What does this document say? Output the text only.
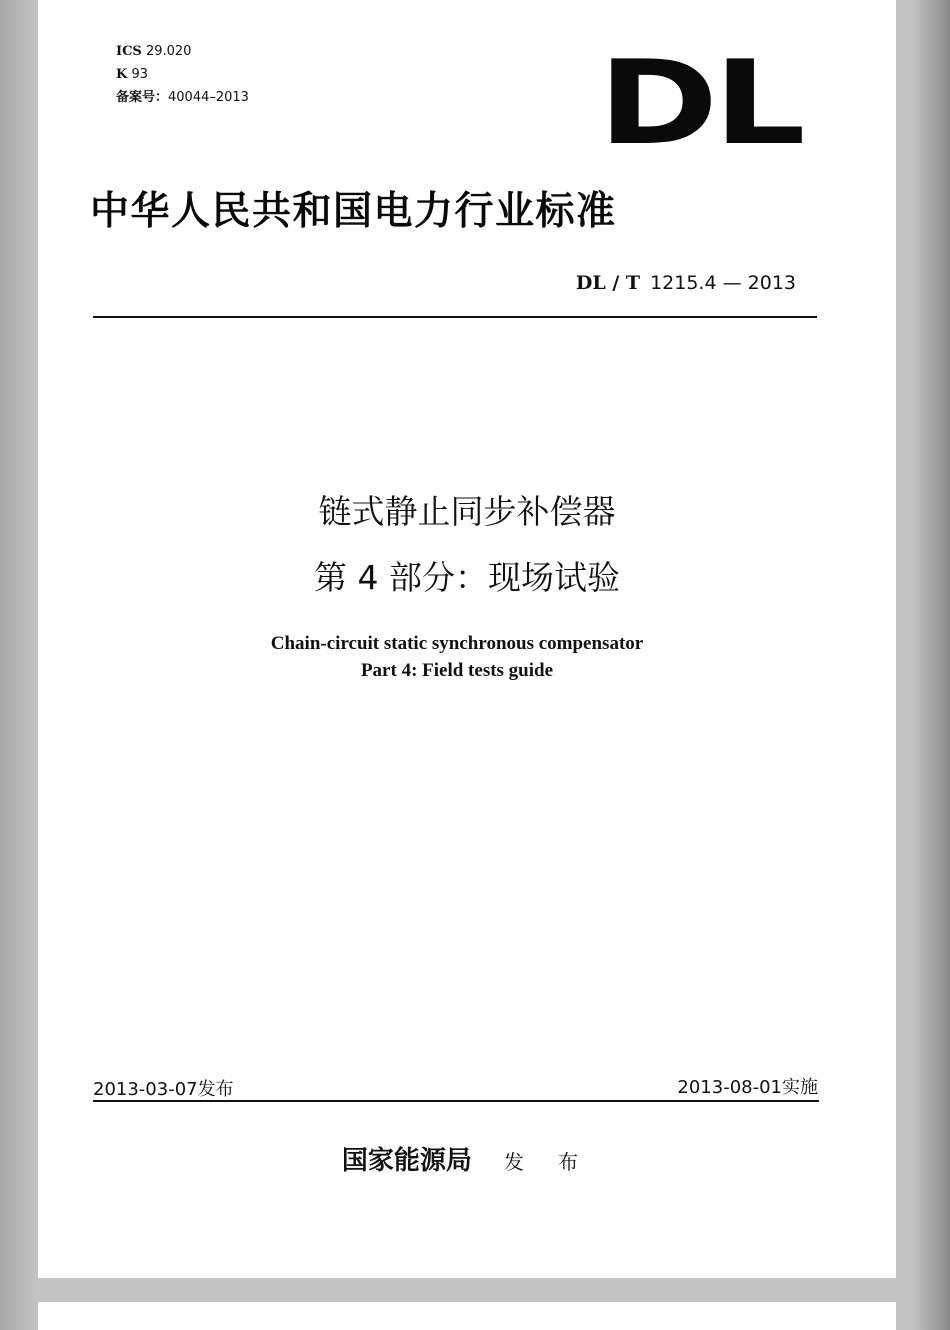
ICS 29.020
K 93
备案号：40044–2013	DL
中华人民共和国电力行业标准
DL / T 1215.4 — 2013
链式静止同步补偿器
第 4 部分：现场试验
Chain-circuit static synchronous compensator
Part 4: Field tests guide
2013-03-07发布	2013-08-01实施
国家能源局 发 布
